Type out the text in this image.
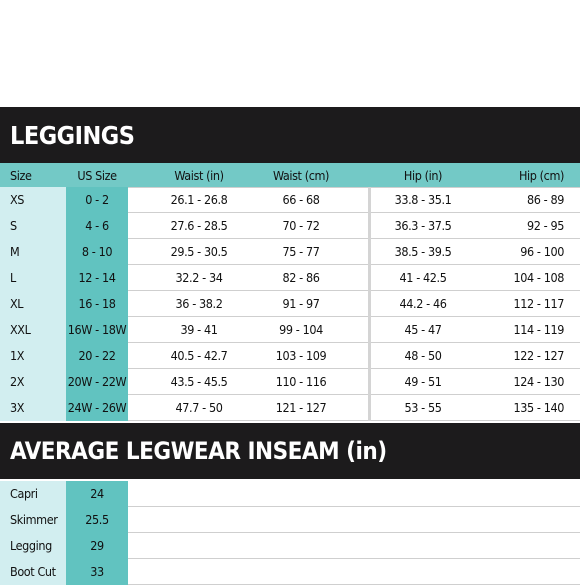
LEGGINGS
Size	US Size	Waist (in)	Waist (cm)	Hip (in)	Hip (cm)
XS	0 - 2	26.1 - 26.8	66 - 68	33.8 - 35.1	86 - 89
S	4 - 6	27.6 - 28.5	70 - 72	36.3 - 37.5	92 - 95
M	8 - 10	29.5 - 30.5	75 - 77	38.5 - 39.5	96 - 100
L	12 - 14	32.2 - 34	82 - 86	41 - 42.5	104 - 108
XL	16 - 18	36 - 38.2	91 - 97	44.2 - 46	112 - 117
XXL	16W - 18W	39 - 41	99 - 104	45 - 47	114 - 119
1X	20 - 22	40.5 - 42.7	103 - 109	48 - 50	122 - 127
2X	20W - 22W	43.5 - 45.5	110 - 116	49 - 51	124 - 130
3X	24W - 26W	47.7 - 50	121 - 127	53 - 55	135 - 140
AVERAGE LEGWEAR INSEAM (in)
Capri	24
Skimmer	25.5
Legging	29
Boot Cut	33
